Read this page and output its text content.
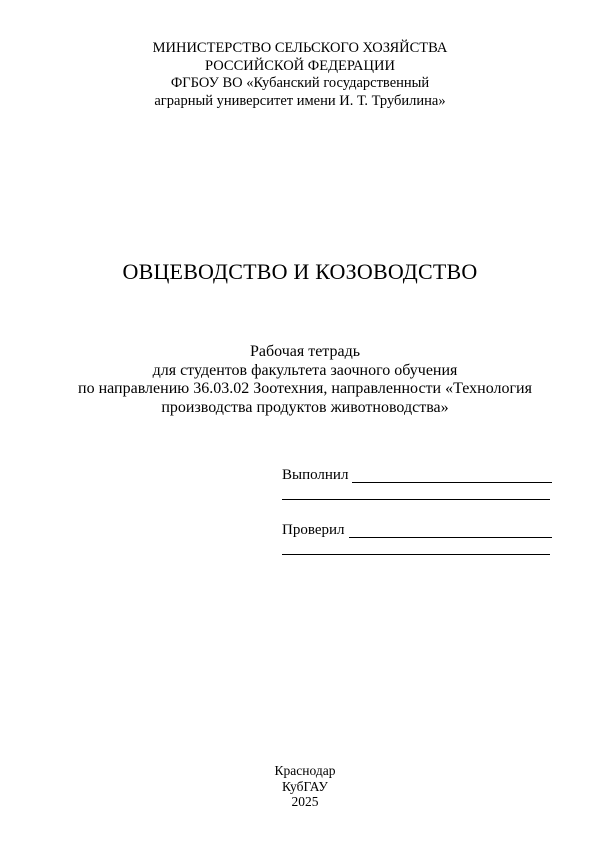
МИНИСТЕРСТВО СЕЛЬСКОГО ХОЗЯЙСТВА
РОССИЙСКОЙ ФЕДЕРАЦИИ
ФГБОУ ВО «Кубанский государственный
аграрный университет имени И. Т. Трубилина»
ОВЦЕВОДСТВО И КОЗОВОДСТВО
Рабочая тетрадь
для студентов факультета заочного обучения
по направлению 36.03.02 Зоотехния, направленности «Технология
производства продуктов животноводства»
Выполнил
Проверил
Краснодар
КубГАУ
2025
